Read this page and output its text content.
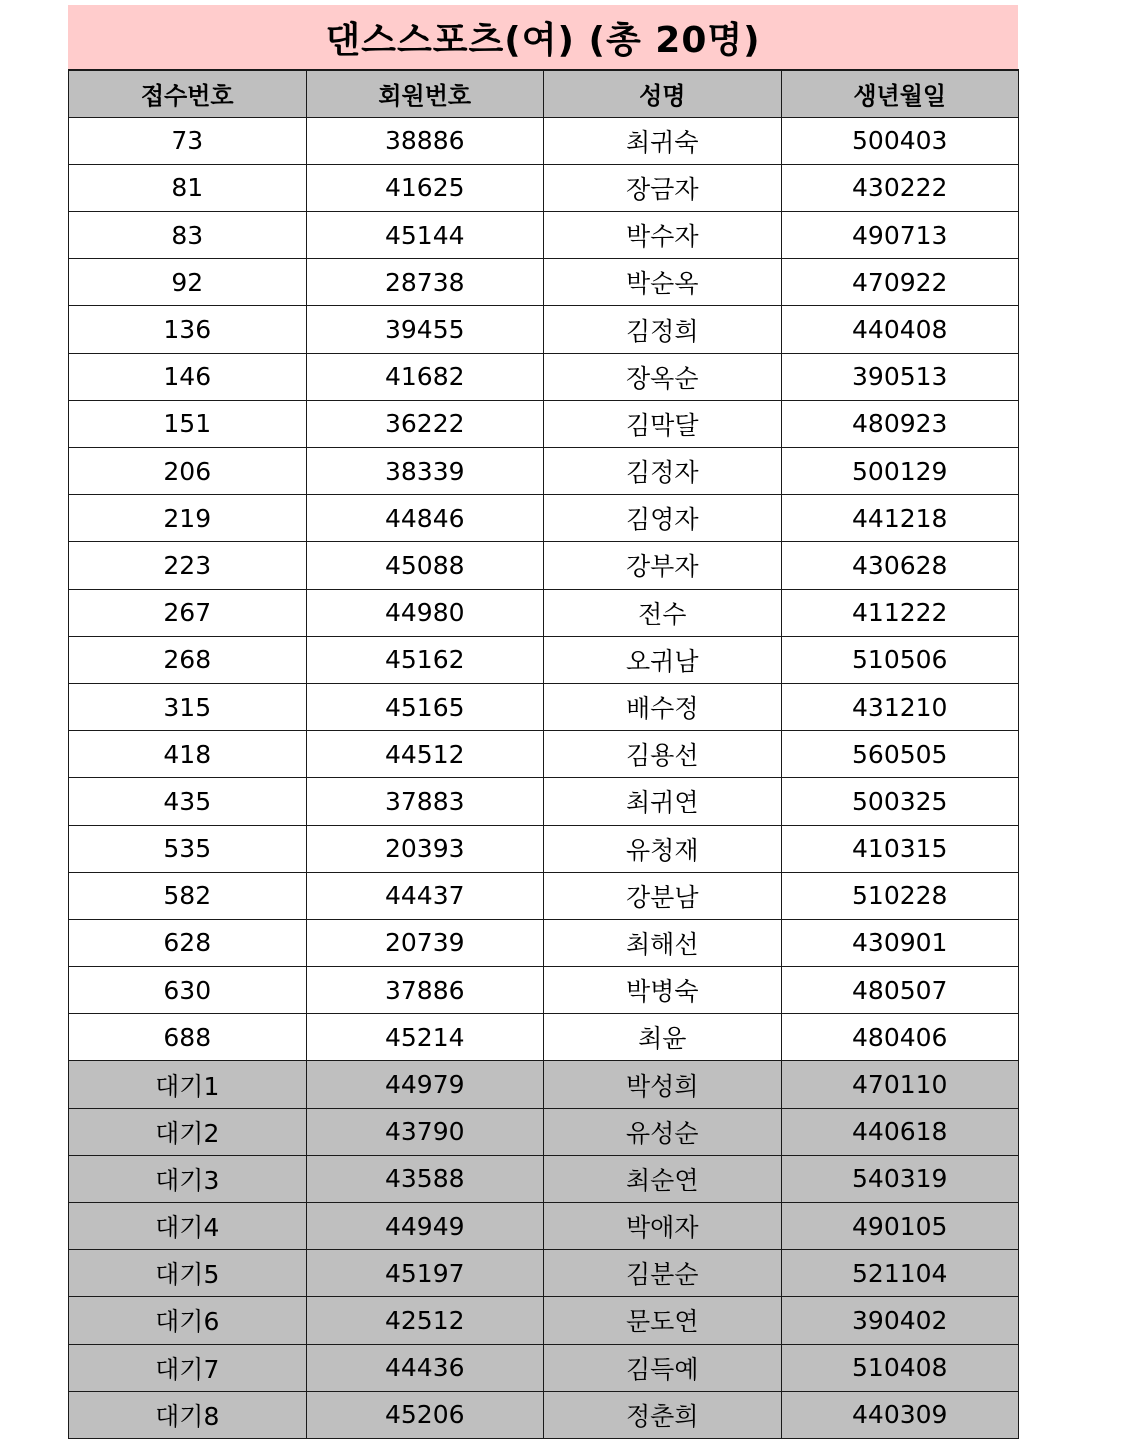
댄스스포츠(여) (총 20명)
접수번호	회원번호	성명	생년월일
73	38886	최귀숙	500403
81	41625	장금자	430222
83	45144	박수자	490713
92	28738	박순옥	470922
136	39455	김정희	440408
146	41682	장옥순	390513
151	36222	김막달	480923
206	38339	김정자	500129
219	44846	김영자	441218
223	45088	강부자	430628
267	44980	전수	411222
268	45162	오귀남	510506
315	45165	배수정	431210
418	44512	김용선	560505
435	37883	최귀연	500325
535	20393	유청재	410315
582	44437	강분남	510228
628	20739	최해선	430901
630	37886	박병숙	480507
688	45214	최윤	480406
대기1	44979	박성희	470110
대기2	43790	유성순	440618
대기3	43588	최순연	540319
대기4	44949	박애자	490105
대기5	45197	김분순	521104
대기6	42512	문도연	390402
대기7	44436	김득예	510408
대기8	45206	정춘희	440309
